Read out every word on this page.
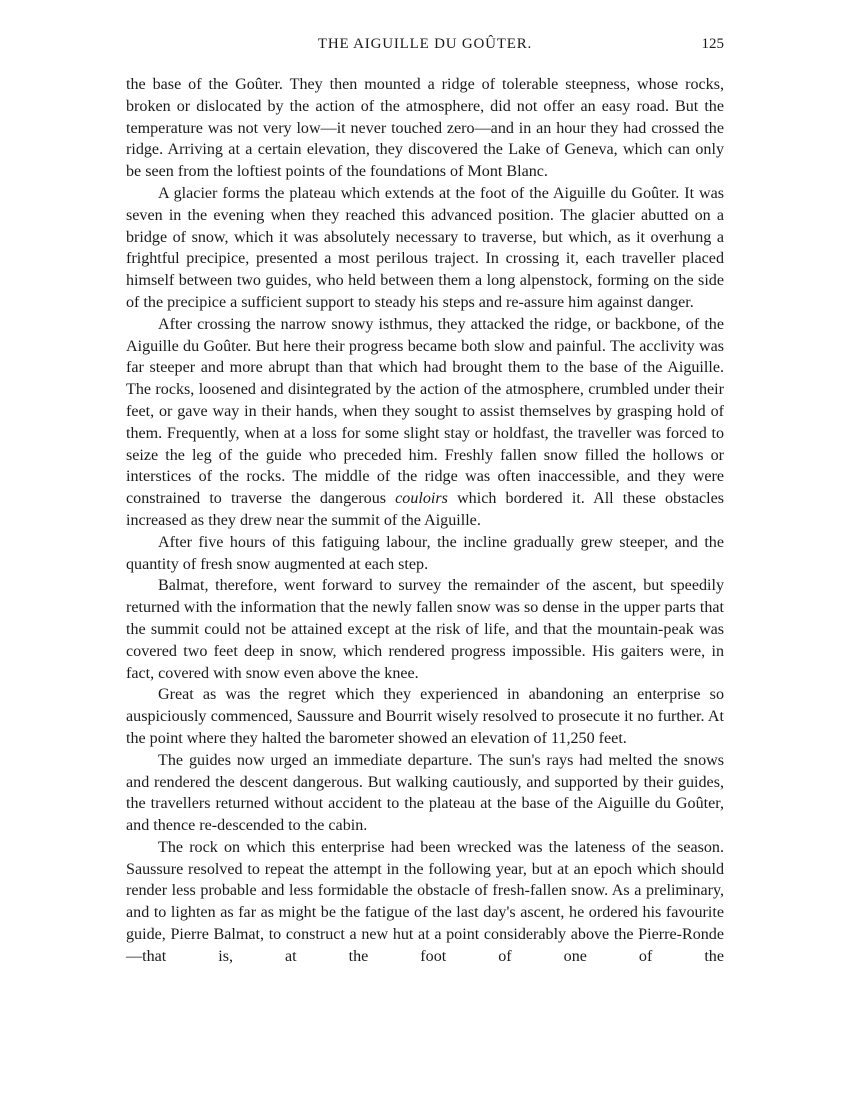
THE AIGUILLE DU GOÛTER.	125

the base of the Goûter. They then mounted a ridge of tolerable steepness, whose rocks, broken or dislocated by the action of the atmosphere, did not offer an easy road. But the temperature was not very low—it never touched zero—and in an hour they had crossed the ridge. Arriving at a certain elevation, they discovered the Lake of Geneva, which can only be seen from the loftiest points of the foundations of Mont Blanc.

A glacier forms the plateau which extends at the foot of the Aiguille du Goûter. It was seven in the evening when they reached this advanced position. The glacier abutted on a bridge of snow, which it was absolutely necessary to traverse, but which, as it overhung a frightful precipice, presented a most perilous traject. In crossing it, each traveller placed himself between two guides, who held between them a long alpenstock, forming on the side of the precipice a sufficient support to steady his steps and re-assure him against danger.

After crossing the narrow snowy isthmus, they attacked the ridge, or backbone, of the Aiguille du Goûter. But here their progress became both slow and painful. The acclivity was far steeper and more abrupt than that which had brought them to the base of the Aiguille. The rocks, loosened and disintegrated by the action of the atmosphere, crumbled under their feet, or gave way in their hands, when they sought to assist themselves by grasping hold of them. Frequently, when at a loss for some slight stay or holdfast, the traveller was forced to seize the leg of the guide who preceded him. Freshly fallen snow filled the hollows or interstices of the rocks. The middle of the ridge was often inaccessible, and they were constrained to traverse the dangerous couloirs which bordered it. All these obstacles increased as they drew near the summit of the Aiguille.

After five hours of this fatiguing labour, the incline gradually grew steeper, and the quantity of fresh snow augmented at each step.

Balmat, therefore, went forward to survey the remainder of the ascent, but speedily returned with the information that the newly fallen snow was so dense in the upper parts that the summit could not be attained except at the risk of life, and that the mountain-peak was covered two feet deep in snow, which rendered progress impossible. His gaiters were, in fact, covered with snow even above the knee.

Great as was the regret which they experienced in abandoning an enterprise so auspiciously commenced, Saussure and Bourrit wisely resolved to prosecute it no further. At the point where they halted the barometer showed an elevation of 11,250 feet.

The guides now urged an immediate departure. The sun's rays had melted the snows and rendered the descent dangerous. But walking cautiously, and supported by their guides, the travellers returned without accident to the plateau at the base of the Aiguille du Goûter, and thence re-descended to the cabin.

The rock on which this enterprise had been wrecked was the lateness of the season. Saussure resolved to repeat the attempt in the following year, but at an epoch which should render less probable and less formidable the obstacle of fresh-fallen snow. As a preliminary, and to lighten as far as might be the fatigue of the last day's ascent, he ordered his favourite guide, Pierre Balmat, to construct a new hut at a point considerably above the Pierre-Ronde—that is, at the foot of one of the
